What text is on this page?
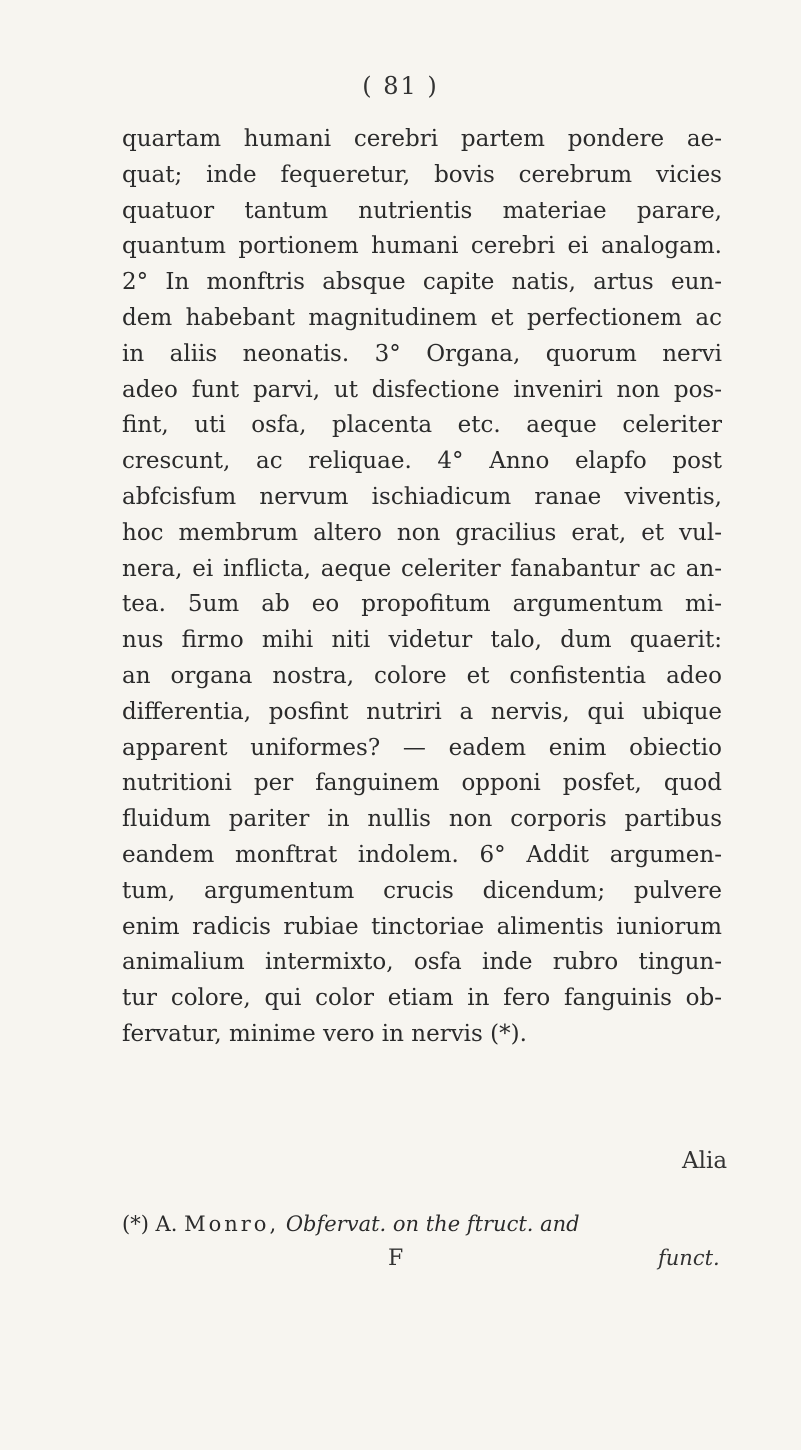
( 81 )
quartam humani cerebri partem pondere ae-
quat; inde fequeretur, bovis cerebrum vicies
quatuor tantum nutrientis materiae parare,
quantum portionem humani cerebri ei analogam.
2° In monftris absque capite natis, artus eun-
dem habebant magnitudinem et perfectionem ac
in aliis neonatis. 3° Organa, quorum nervi
adeo funt parvi, ut disfectione inveniri non pos-
fint, uti osfa, placenta etc. aeque celeriter
crescunt, ac reliquae. 4° Anno elapfo post
abfcisfum nervum ischiadicum ranae viventis,
hoc membrum altero non gracilius erat, et vul-
nera, ei inflicta, aeque celeriter fanabantur ac an-
tea. 5um ab eo propofitum argumentum mi-
nus firmo mihi niti videtur talo, dum quaerit:
an organa nostra, colore et confistentia adeo
differentia, posfint nutriri a nervis, qui ubique
apparent uniformes? — eadem enim obiectio
nutritioni per fanguinem opponi posfet, quod
fluidum pariter in nullis non corporis partibus
eandem monftrat indolem. 6° Addit argumen-
tum, argumentum crucis dicendum; pulvere
enim radicis rubiae tinctoriae alimentis iuniorum
animalium intermixto, osfa inde rubro tingun-
tur colore, qui color etiam in fero fanguinis ob-
fervatur, minime vero in nervis (*).
Alia
(*) A. Monro, Obfervat. on the ftruct. and
F	funct.
